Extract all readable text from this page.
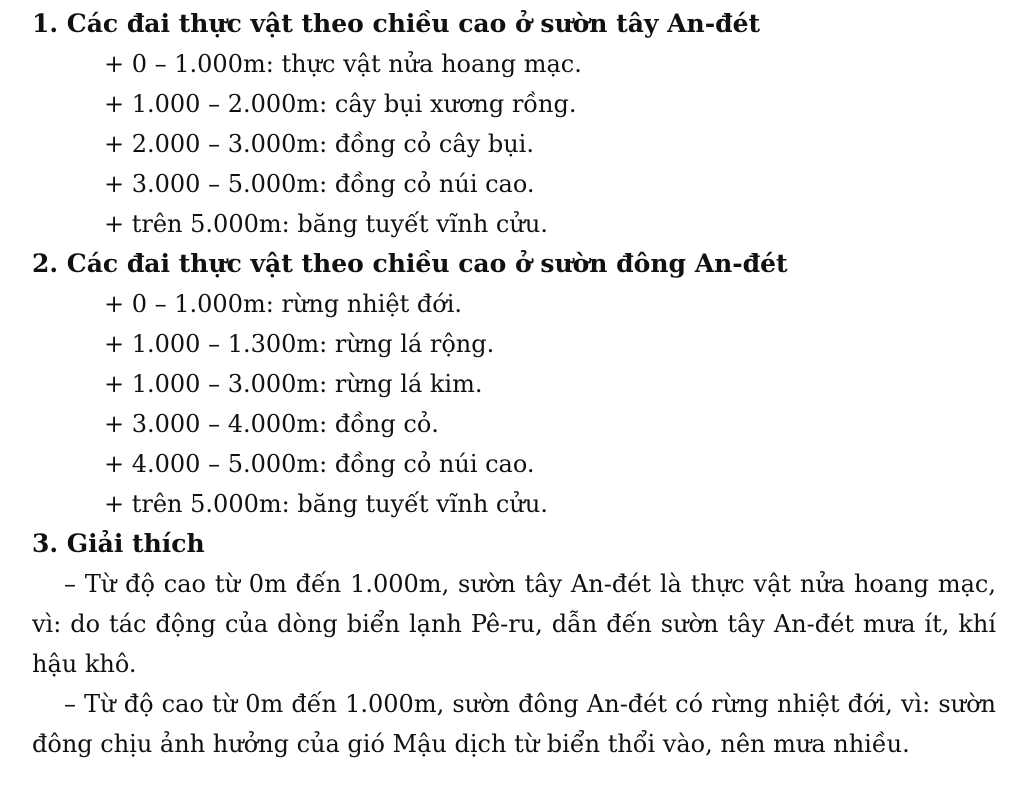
1. Các đai thực vật theo chiều cao ở sườn tây An-đét
+ 0 – 1.000m: thực vật nửa hoang mạc.
+ 1.000 – 2.000m: cây bụi xương rồng.
+ 2.000 – 3.000m: đồng cỏ cây bụi.
+ 3.000 – 5.000m: đồng cỏ núi cao.
+ trên 5.000m: băng tuyết vĩnh cửu.
2. Các đai thực vật theo chiều cao ở sườn đông An-đét
+ 0 – 1.000m: rừng nhiệt đới.
+ 1.000 – 1.300m: rừng lá rộng.
+ 1.000 – 3.000m: rừng lá kim.
+ 3.000 – 4.000m: đồng cỏ.
+ 4.000 – 5.000m: đồng cỏ núi cao.
+ trên 5.000m: băng tuyết vĩnh cửu.
3. Giải thích

– Từ độ cao từ 0m đến 1.000m, sườn tây An-đét là thực vật nửa hoang mạc, vì: do tác động của dòng biển lạnh Pê-ru, dẫn đến sườn tây An-đét mưa ít, khí hậu khô.

– Từ độ cao từ 0m đến 1.000m, sườn đông An-đét có rừng nhiệt đới, vì: sườn đông chịu ảnh hưởng của gió Mậu dịch từ biển thổi vào, nên mưa nhiều.
